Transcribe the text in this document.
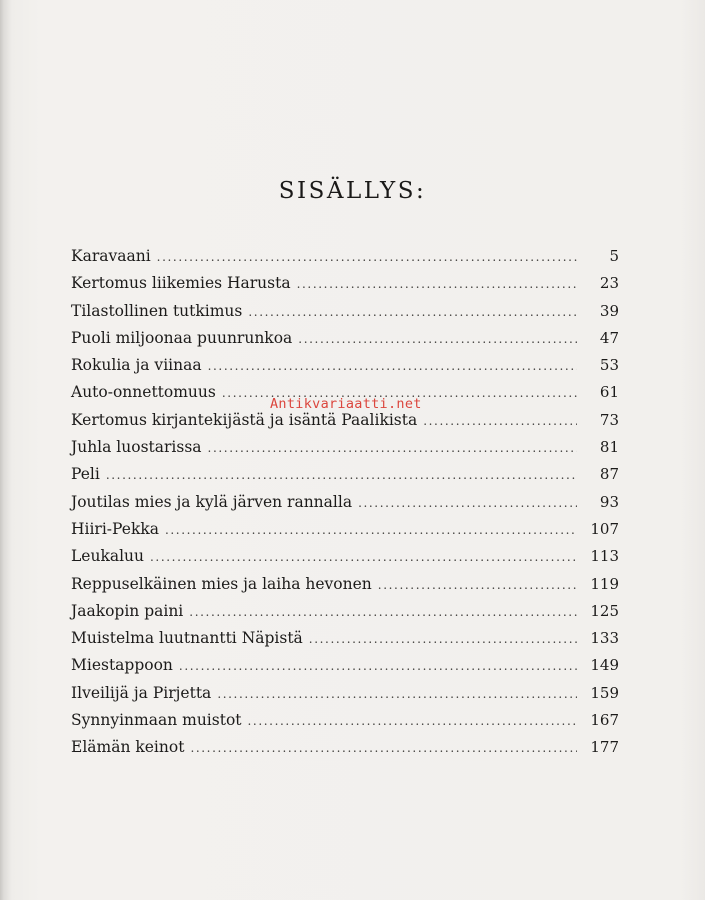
SISÄLLYS:
Karavaani .....	5
Kertomus liikemies Harusta .....	23
Tilastollinen tutkimus .....	39
Puoli miljoonaa puunrunkoa .....	47
Rokulia ja viinaa .....	53
Auto-onnettomuus .....	61
Kertomus kirjantekijästä ja isäntä Paalikista .....	73
Juhla luostarissa .....	81
Peli .....	87
Joutilas mies ja kylä järven rannalla .....	93
Hiiri-Pekka .....	107
Leukaluu .....	113
Reppuselkäinen mies ja laiha hevonen .....	119
Jaakopin paini .....	125
Muistelma luutnantti Näpistä .....	133
Miestappoon .....	149
Ilveilijä ja Pirjetta .....	159
Synnyinmaan muistot .....	167
Elämän keinot .....	177
Antikvariaatti.net
